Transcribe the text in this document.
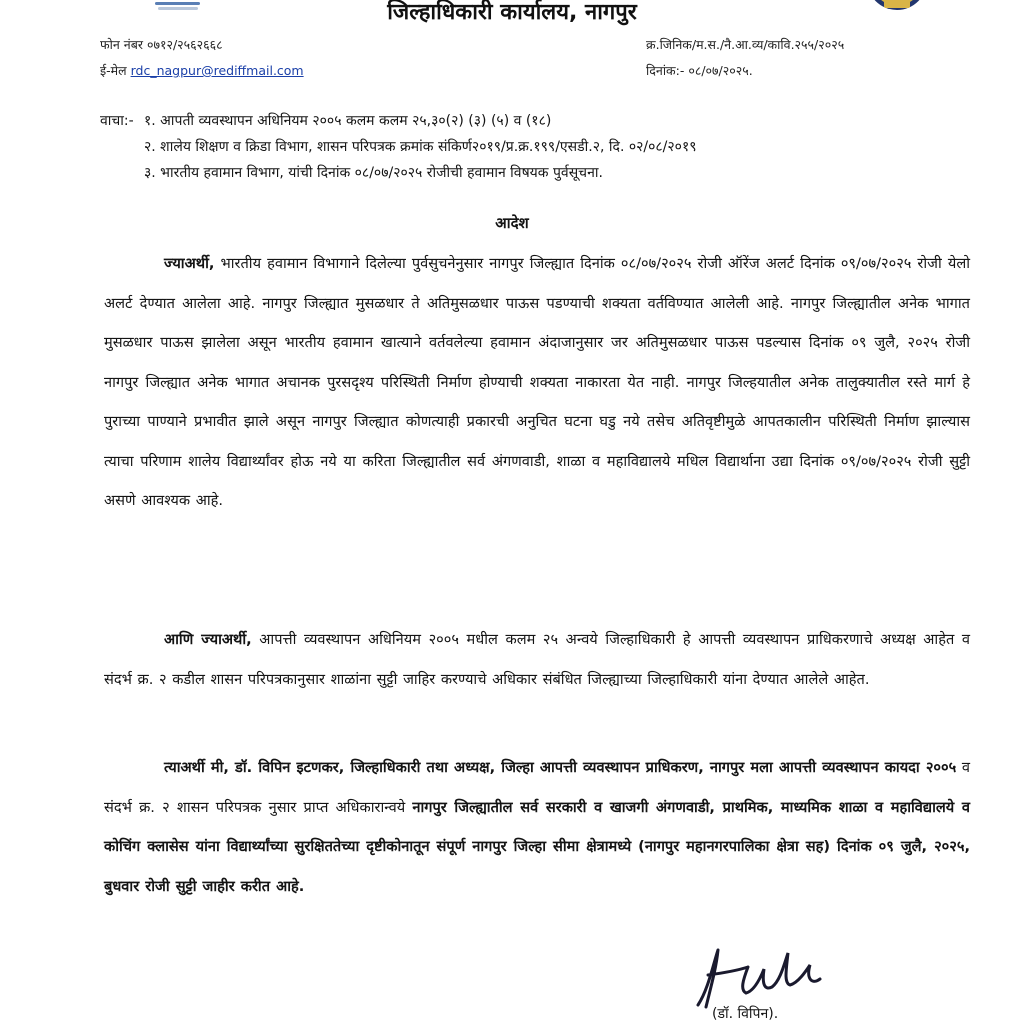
जिल्हाधिकारी कार्यालय, नागपुर
फोन नंबर ०७१२/२५६२६६८
ई-मेल rdc_nagpur@rediffmail.com
क्र.जिनिक/म.स./नै.आ.व्य/कावि.२५५/२०२५
दिनांक:- ०८/०७/२०२५.
वाचा:- १. आपती व्यवस्थापन अधिनियम २००५ कलम कलम २५,३०(२) (३) (५) व (१८)
२. शालेय शिक्षण व क्रिडा विभाग, शासन परिपत्रक क्रमांक संकिर्ण२०१९/प्र.क्र.१९९/एसडी.२, दि. ०२/०८/२०१९
३. भारतीय हवामान विभाग, यांची दिनांक ०८/०७/२०२५ रोजीची हवामान विषयक पुर्वसूचना.
आदेश

ज्याअर्थी, भारतीय हवामान विभागाने दिलेल्या पुर्वसुचनेनुसार नागपुर जिल्ह्यात दिनांक ०८/०७/२०२५ रोजी ऑरेंज अलर्ट दिनांक ०९/०७/२०२५ रोजी येलो अलर्ट देण्यात आलेला आहे. नागपुर जिल्ह्यात मुसळधार ते अतिमुसळधार पाऊस पडण्याची शक्यता वर्तविण्यात आलेली आहे. नागपुर जिल्ह्यातील अनेक भागात मुसळधार पाऊस झालेला असून भारतीय हवामान खात्याने वर्तवलेल्या हवामान अंदाजानुसार जर अतिमुसळधार पाऊस पडल्यास दिनांक ०९ जुलै, २०२५ रोजी नागपुर जिल्ह्यात अनेक भागात अचानक पुरसदृश्य परिस्थिती निर्माण होण्याची शक्यता नाकारता येत नाही. नागपुर जिल्हयातील अनेक तालुक्यातील रस्ते मार्ग हे पुराच्या पाण्याने प्रभावीत झाले असून नागपुर जिल्ह्यात कोणत्याही प्रकारची अनुचित घटना घडु नये तसेच अतिवृष्टीमुळे आपतकालीन परिस्थिती निर्माण झाल्यास त्याचा परिणाम शालेय विद्यार्थ्यांवर होऊ नये या करिता जिल्ह्यातील सर्व अंगणवाडी, शाळा व महाविद्यालये मधिल विद्यार्थाना उद्या दिनांक ०९/०७/२०२५ रोजी सुट्टी असणे आवश्यक आहे.

आणि ज्याअर्थी, आपत्ती व्यवस्थापन अधिनियम २००५ मधील कलम २५ अन्वये जिल्हाधिकारी हे आपत्ती व्यवस्थापन प्राधिकरणाचे अध्यक्ष आहेत व संदर्भ क्र. २ कडील शासन परिपत्रकानुसार शाळांना सुट्टी जाहिर करण्याचे अधिकार संबंधित जिल्ह्याच्या जिल्हाधिकारी यांना देण्यात आलेले आहेत.

त्याअर्थी मी, डॉ. विपिन इटणकर, जिल्हाधिकारी तथा अध्यक्ष, जिल्हा आपत्ती व्यवस्थापन प्राधिकरण, नागपुर मला आपत्ती व्यवस्थापन कायदा २००५ व संदर्भ क्र. २ शासन परिपत्रक नुसार प्राप्त अधिकारान्वये नागपुर जिल्ह्यातील सर्व सरकारी व खाजगी अंगणवाडी, प्राथमिक, माध्यमिक शाळा व महाविद्यालये व कोचिंग क्लासेस यांना विद्यार्थ्यांच्या सुरक्षिततेच्या दृष्टीकोनातून संपूर्ण नागपुर जिल्हा सीमा क्षेत्रामध्ये (नागपुर महानगरपालिका क्षेत्रा सह) दिनांक ०९ जुलै, २०२५, बुधवार रोजी सुट्टी जाहीर करीत आहे.

(डॉ. विपिन).
